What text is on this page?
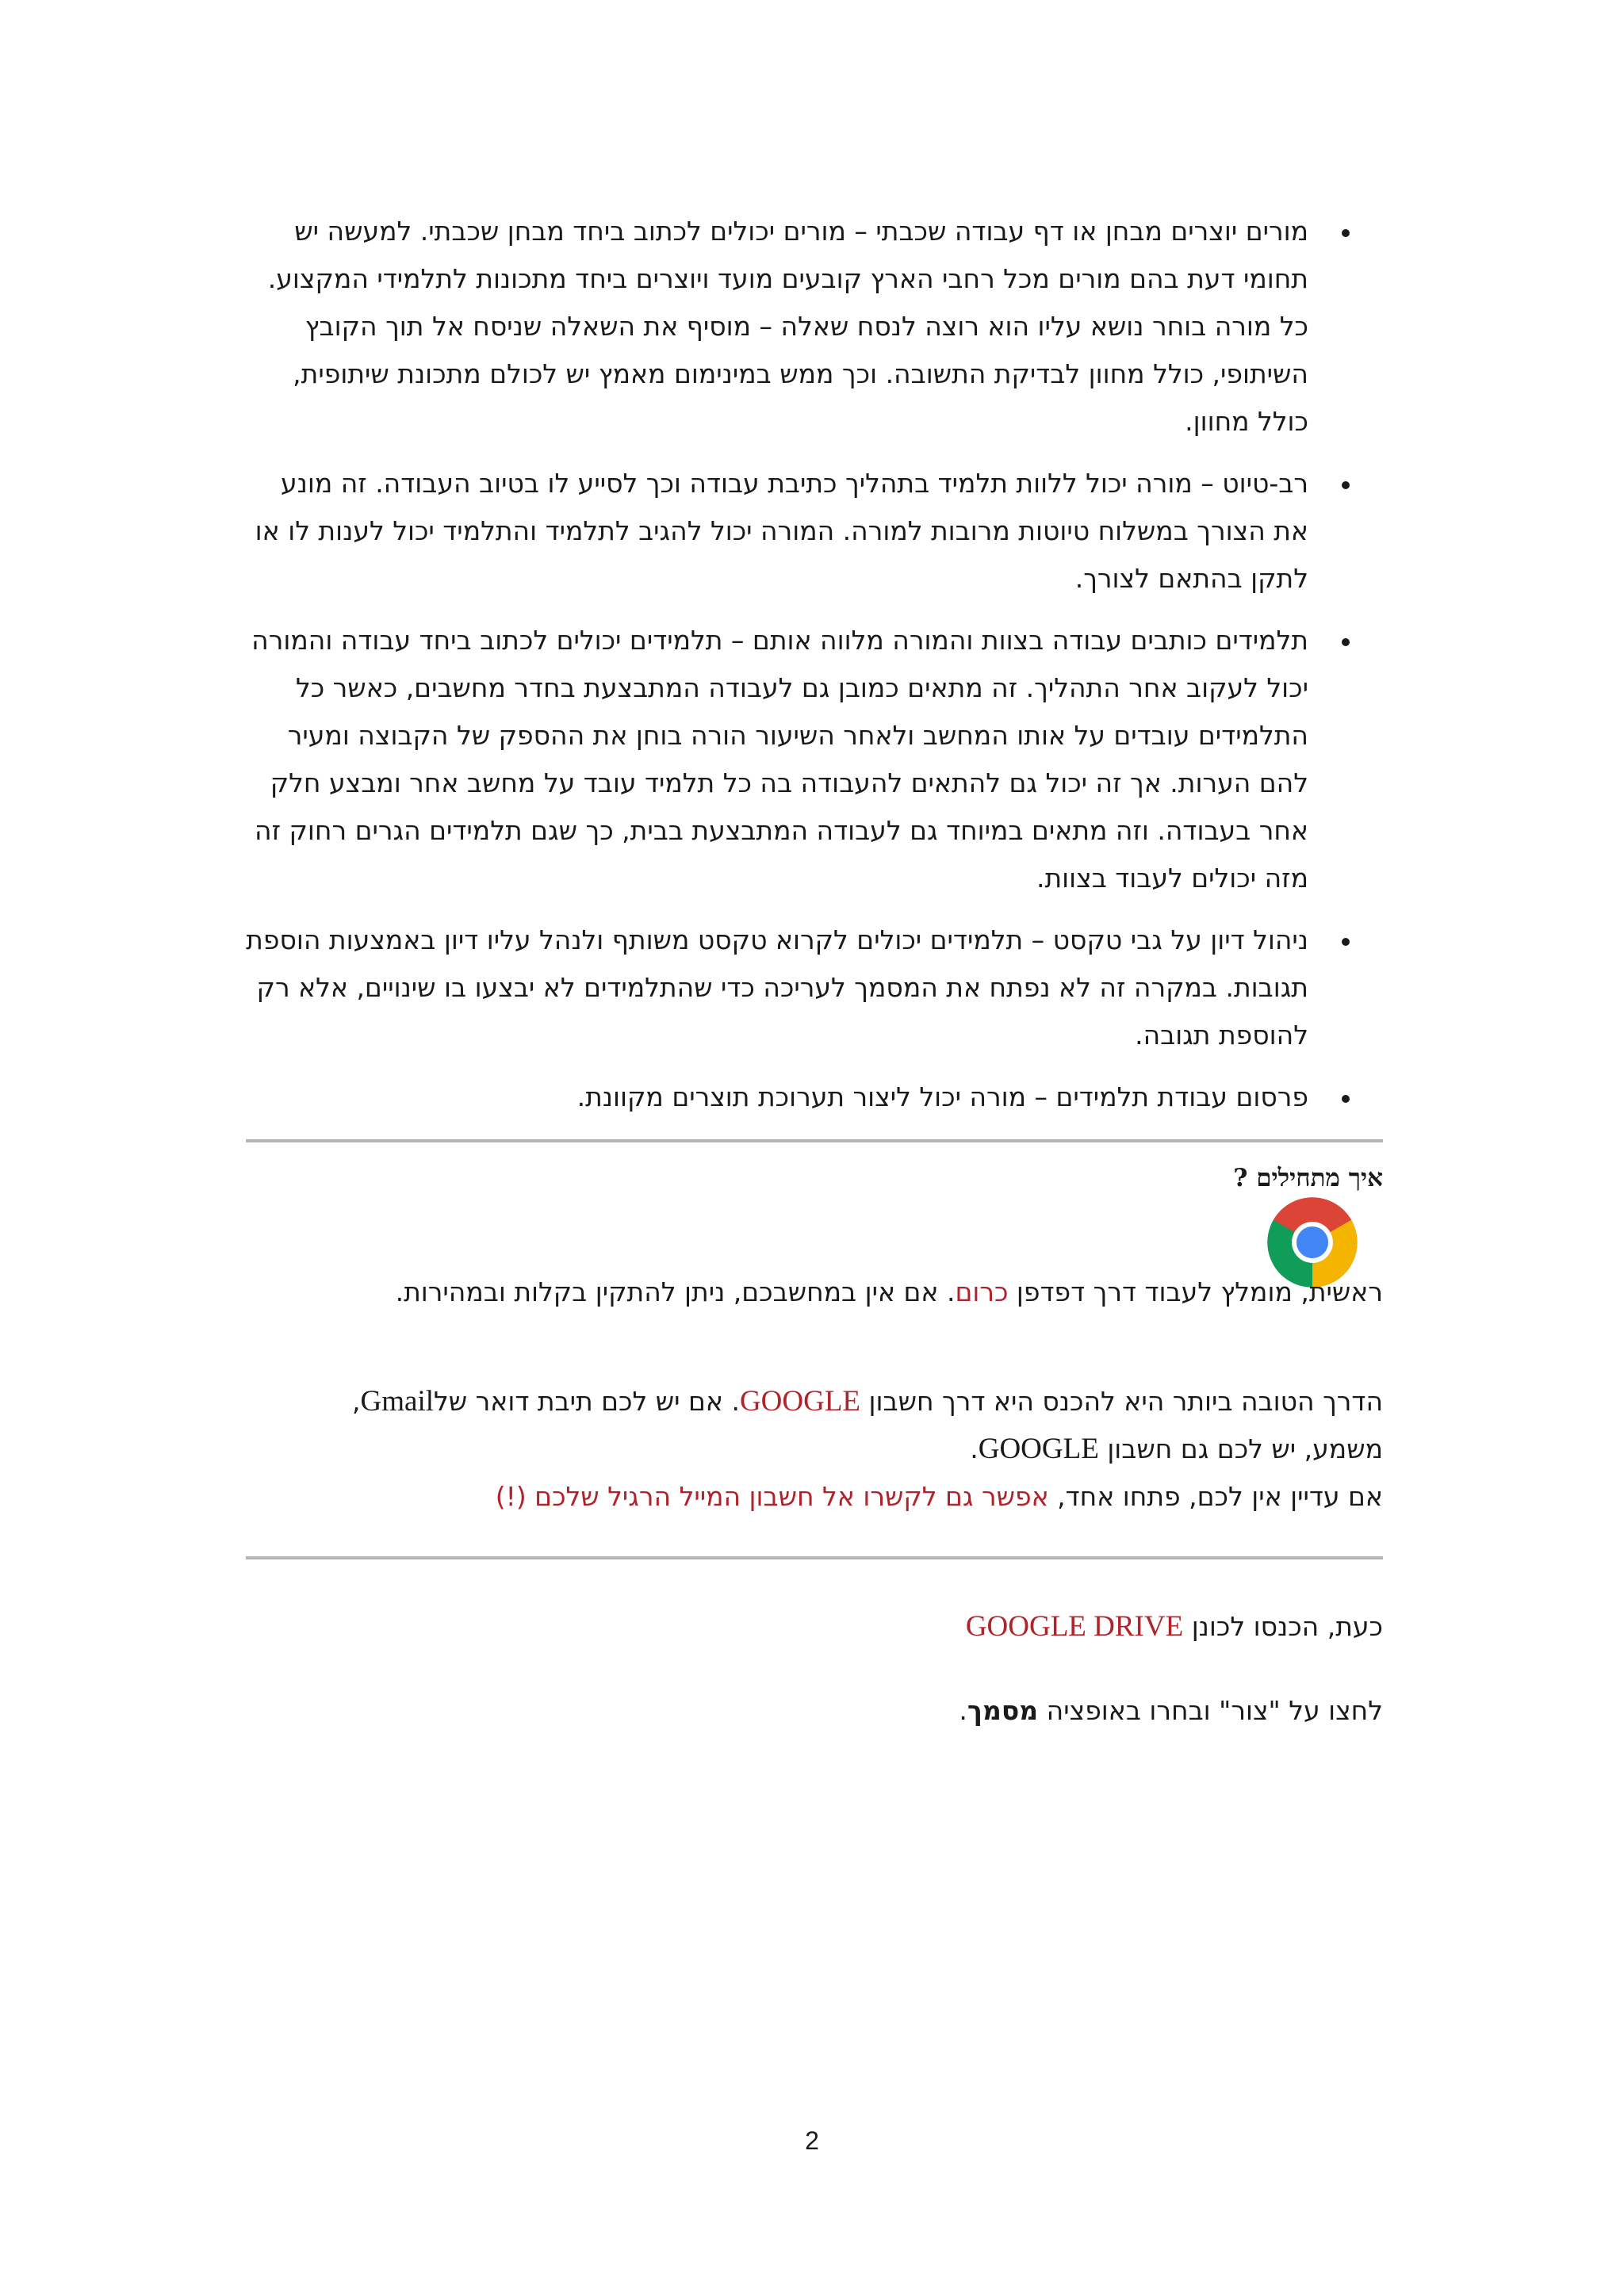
מורים יוצרים מבחן או דף עבודה שכבתי – מורים יכולים לכתוב ביחד מבחן שכבתי. למעשה יש תחומי דעת בהם מורים מכל רחבי הארץ קובעים מועד ויוצרים ביחד מתכונות לתלמידי המקצוע. כל מורה בוחר נושא עליו הוא רוצה לנסח שאלה – מוסיף את השאלה שניסח אל תוך הקובץ השיתופי, כולל מחוון לבדיקת התשובה. וכך ממש במינימום מאמץ יש לכולם מתכונת שיתופית, כולל מחוון.
רב-טיוט – מורה יכול ללוות תלמיד בתהליך כתיבת עבודה וכך לסייע לו בטיוב העבודה. זה מונע את הצורך במשלוח טיוטות מרובות למורה. המורה יכול להגיב לתלמיד והתלמיד יכול לענות לו או לתקן בהתאם לצורך.
תלמידים כותבים עבודה בצוות והמורה מלווה אותם – תלמידים יכולים לכתוב ביחד עבודה והמורה יכול לעקוב אחר התהליך. זה מתאים כמובן גם לעבודה המתבצעת בחדר מחשבים, כאשר כל התלמידים עובדים על אותו המחשב ולאחר השיעור הורה בוחן את ההספק של הקבוצה ומעיר להם הערות. אך זה יכול גם להתאים להעבודה בה כל תלמיד עובד על מחשב אחר ומבצע חלק אחר בעבודה. וזה מתאים במיוחד גם לעבודה המתבצעת בבית, כך שגם תלמידים הגרים רחוק זה מזה יכולים לעבוד בצוות.
ניהול דיון על גבי טקסט – תלמידים יכולים לקרוא טקסט משותף ולנהל עליו דיון באמצעות הוספת תגובות. במקרה זה לא נפתח את המסמך לעריכה כדי שהתלמידים לא יבצעו בו שינויים, אלא רק להוספת תגובה.
פרסום עבודת תלמידים – מורה יכול ליצור תערוכת תוצרים מקוונת.
איך מתחילים ?
ראשית, מומלץ לעבוד דרך דפדפן כרום. אם אין במחשבכם, ניתן להתקין בקלות ובמהירות.
הדרך הטובה ביותר היא להכנס היא דרך חשבון GOOGLE. אם יש לכם תיבת דואר שלGmail,
משמע, יש לכם גם חשבון GOOGLE.
אם עדיין אין לכם, פתחו אחד, אפשר גם לקשרו אל חשבון המייל הרגיל שלכם (!)
כעת, הכנסו לכונן GOOGLE DRIVE
לחצו על "צור" ובחרו באופציה מסמך.
2
